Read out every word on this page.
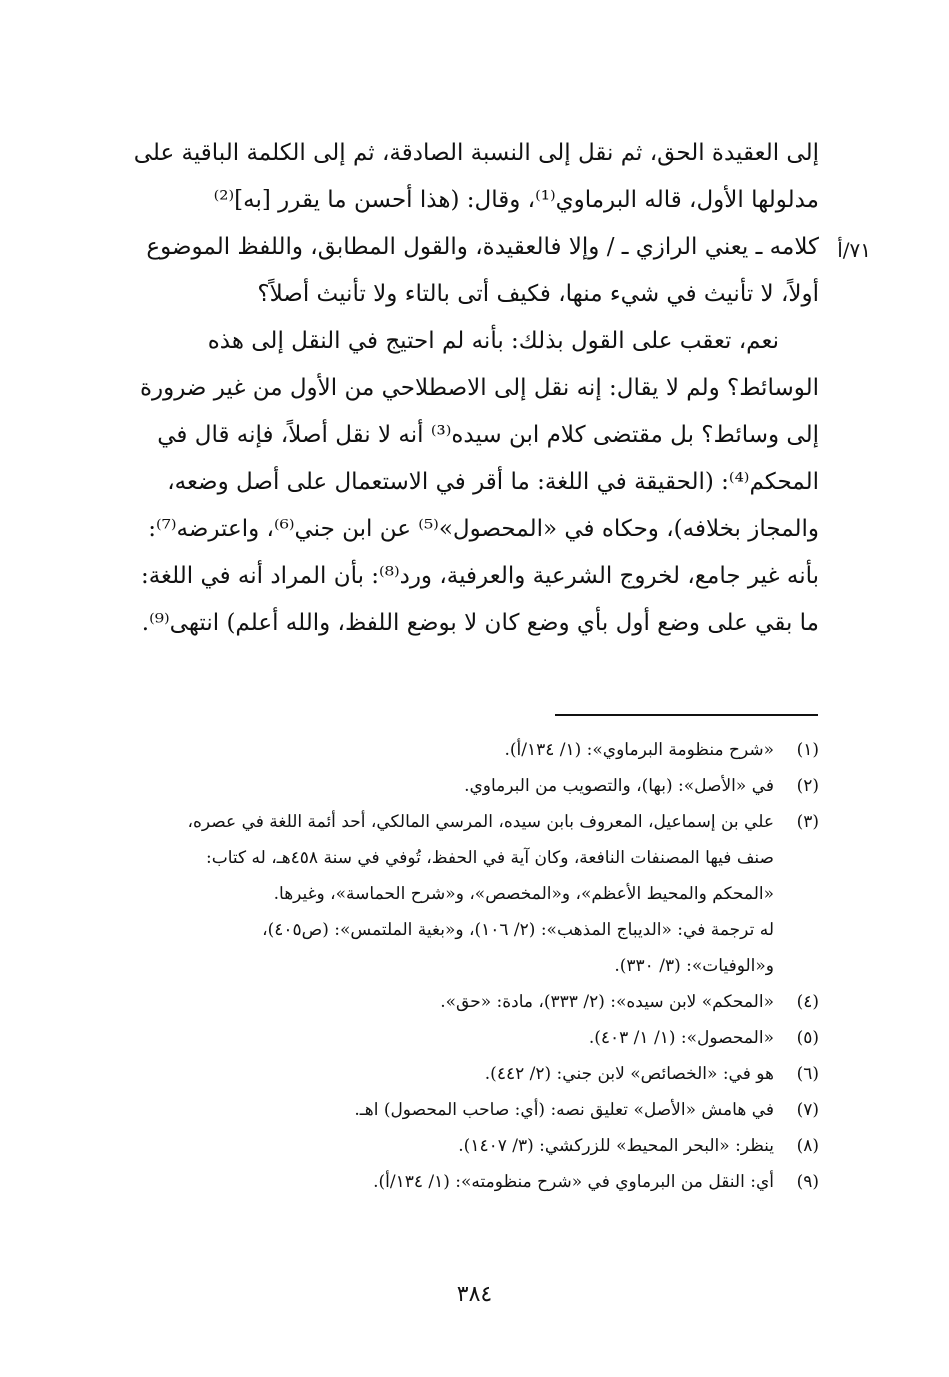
٧١/أ
إلى العقيدة الحق، ثم نقل إلى النسبة الصادقة، ثم إلى الكلمة الباقية على
مدلولها الأول، قاله البرماوي⁽¹⁾، وقال: (هذا أحسن ما يقرر [به]⁽²⁾
كلامه ـ يعني الرازي ـ / وإلا فالعقيدة، والقول المطابق، واللفظ الموضوع
أولاً، لا تأنيث في شيء منها، فكيف أتى بالتاء ولا تأنيث أصلاً؟
نعم، تعقب على القول بذلك: بأنه لم احتيج في النقل إلى هذه
الوسائط؟ ولم لا يقال: إنه نقل إلى الاصطلاحي من الأول من غير ضرورة
إلى وسائط؟ بل مقتضى كلام ابن سيده⁽³⁾ أنه لا نقل أصلاً، فإنه قال في
المحكم⁽⁴⁾: (الحقيقة في اللغة: ما أقر في الاستعمال على أصل وضعه،
والمجاز بخلافه)، وحكاه في «المحصول»⁽⁵⁾ عن ابن جني⁽⁶⁾، واعترضه⁽⁷⁾:
بأنه غير جامع، لخروج الشرعية والعرفية، ورد⁽⁸⁾: بأن المراد أنه في اللغة:
ما بقي على وضع أول بأي وضع كان لا بوضع اللفظ، والله أعلم) انتهى⁽⁹⁾.
(١)
«شرح منظومة البرماوي»: (١/ ١٣٤/أ).
(٢)
في «الأصل»: (بها)، والتصويب من البرماوي.
(٣)
علي بن إسماعيل، المعروف بابن سيده، المرسي المالكي، أحد أئمة اللغة في عصره،
صنف فيها المصنفات النافعة، وكان آية في الحفظ، تُوفي في سنة ٤٥٨هـ، له كتاب:
«المحكم والمحيط الأعظم»، و«المخصص»، و«شرح الحماسة»، وغيرها.
له ترجمة في: «الديباج المذهب»: (٢/ ١٠٦)، و«بغية الملتمس»: (ص٤٠٥)،
و«الوفيات»: (٣/ ٣٣٠).
(٤)
«المحكم» لابن سيده»: (٢/ ٣٣٣)، مادة: «حق».
(٥)
«المحصول»: (١/ ١/ ٤٠٣).
(٦)
هو في: «الخصائص» لابن جني: (٢/ ٤٤٢).
(٧)
في هامش «الأصل» تعليق نصه: (أي: صاحب المحصول) اهـ.
(٨)
ينظر: «البحر المحيط» للزركشي: (٣/ ١٤٠٧).
(٩)
أي: النقل من البرماوي في «شرح منظومته»: (١/ ١٣٤/أ).
٣٨٤
